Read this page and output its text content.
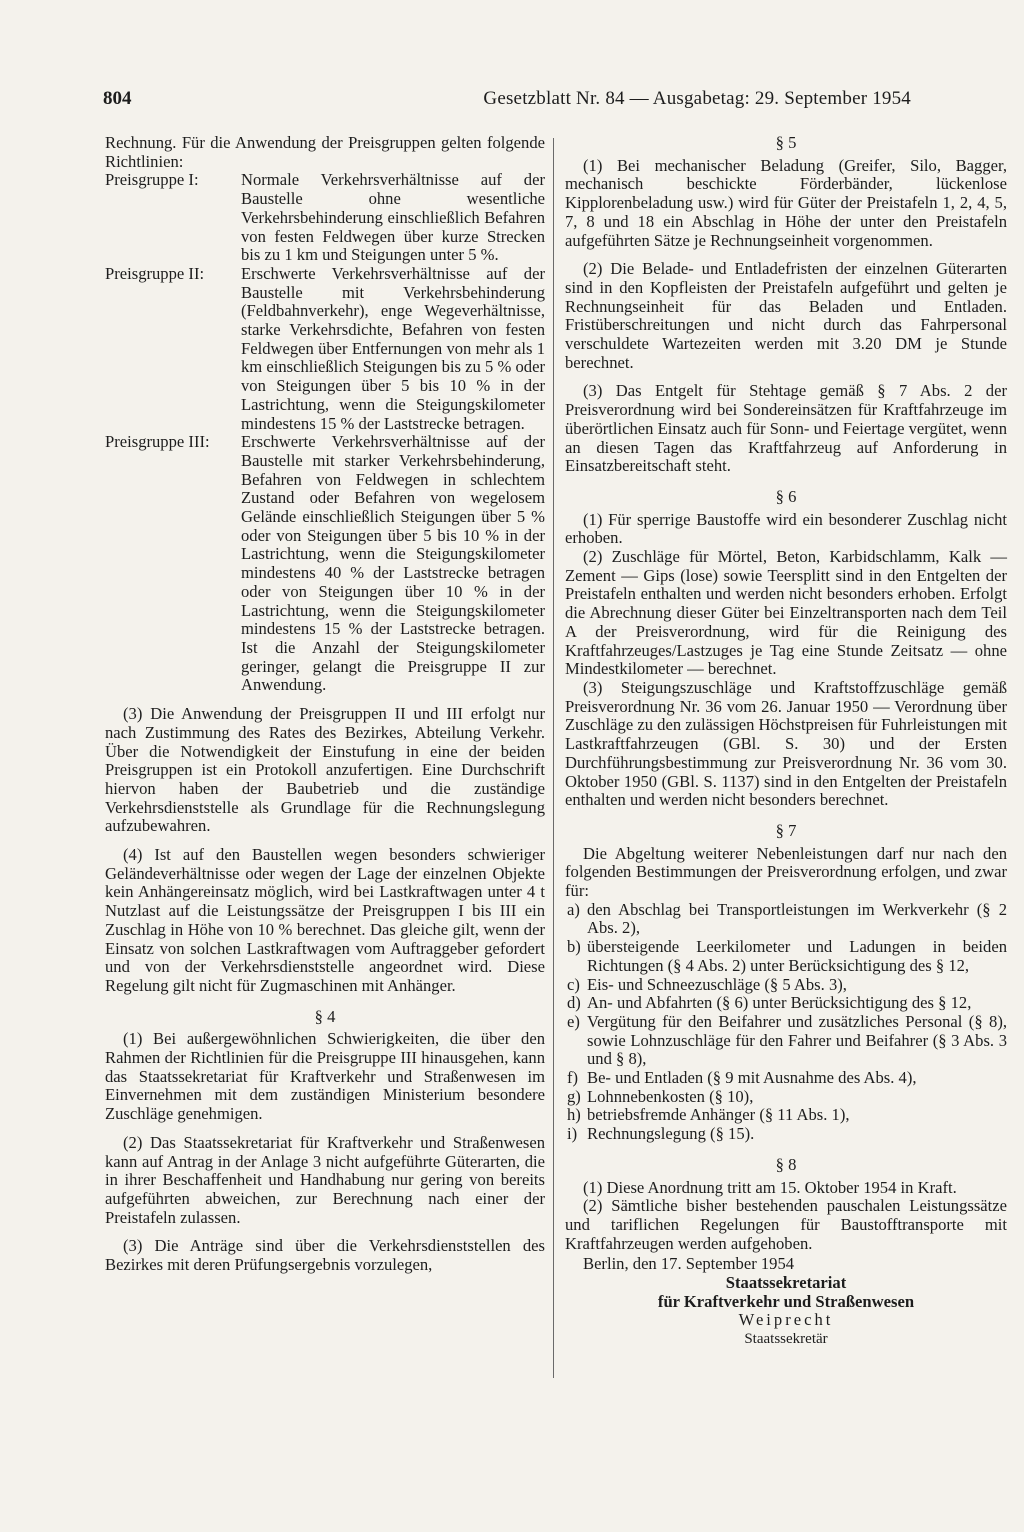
804	Gesetzblatt Nr. 84 — Ausgabetag: 29. September 1954

Rechnung. Für die Anwendung der Preisgruppen gelten folgende Richtlinien:

Preisgruppe I:	Normale Verkehrsverhältnisse auf der Baustelle ohne wesentliche Verkehrsbehinderung einschließlich Befahren von festen Feldwegen über kurze Strecken bis zu 1 km und Steigungen unter 5 %.
Preisgruppe II:	Erschwerte Verkehrsverhältnisse auf der Baustelle mit Verkehrsbehinderung (Feldbahnverkehr), enge Wegeverhältnisse, starke Verkehrsdichte, Befahren von festen Feldwegen über Entfernungen von mehr als 1 km einschließlich Steigungen bis zu 5 % oder von Steigungen über 5 bis 10 % in der Lastrichtung, wenn die Steigungskilometer mindestens 15 % der Laststrecke betragen.
Preisgruppe III:	Erschwerte Verkehrsverhältnisse auf der Baustelle mit starker Verkehrsbehinderung, Befahren von Feldwegen in schlechtem Zustand oder Befahren von wegelosem Gelände einschließlich Steigungen über 5 % oder von Steigungen über 5 bis 10 % in der Lastrichtung, wenn die Steigungskilometer mindestens 40 % der Laststrecke betragen oder von Steigungen über 10 % in der Lastrichtung, wenn die Steigungskilometer mindestens 15 % der Laststrecke betragen. Ist die Anzahl der Steigungskilometer geringer, gelangt die Preisgruppe II zur Anwendung.

(3) Die Anwendung der Preisgruppen II und III erfolgt nur nach Zustimmung des Rates des Bezirkes, Abteilung Verkehr. Über die Notwendigkeit der Einstufung in eine der beiden Preisgruppen ist ein Protokoll anzufertigen. Eine Durchschrift hiervon haben der Baubetrieb und die zuständige Verkehrsdienststelle als Grundlage für die Rechnungslegung aufzubewahren.

(4) Ist auf den Baustellen wegen besonders schwieriger Geländeverhältnisse oder wegen der Lage der einzelnen Objekte kein Anhängereinsatz möglich, wird bei Lastkraftwagen unter 4 t Nutzlast auf die Leistungssätze der Preisgruppen I bis III ein Zuschlag in Höhe von 10 % berechnet. Das gleiche gilt, wenn der Einsatz von solchen Lastkraftwagen vom Auftraggeber gefordert und von der Verkehrsdienststelle angeordnet wird. Diese Regelung gilt nicht für Zugmaschinen mit Anhänger.

§ 4

(1) Bei außergewöhnlichen Schwierigkeiten, die über den Rahmen der Richtlinien für die Preisgruppe III hinausgehen, kann das Staatssekretariat für Kraftverkehr und Straßenwesen im Einvernehmen mit dem zuständigen Ministerium besondere Zuschläge genehmigen.

(2) Das Staatssekretariat für Kraftverkehr und Straßenwesen kann auf Antrag in der Anlage 3 nicht aufgeführte Güterarten, die in ihrer Beschaffenheit und Handhabung nur gering von bereits aufgeführten abweichen, zur Berechnung nach einer der Preistafeln zulassen.

(3) Die Anträge sind über die Verkehrsdienststellen des Bezirkes mit deren Prüfungsergebnis vorzulegen,

§ 5

(1) Bei mechanischer Beladung (Greifer, Silo, Bagger, mechanisch beschickte Förderbänder, lückenlose Kipplorenbeladung usw.) wird für Güter der Preistafeln 1, 2, 4, 5, 7, 8 und 18 ein Abschlag in Höhe der unter den Preistafeln aufgeführten Sätze je Rechnungseinheit vorgenommen.

(2) Die Belade- und Entladefristen der einzelnen Güterarten sind in den Kopfleisten der Preistafeln aufgeführt und gelten je Rechnungseinheit für das Beladen und Entladen. Fristüberschreitungen und nicht durch das Fahrpersonal verschuldete Wartezeiten werden mit 3.20 DM je Stunde berechnet.

(3) Das Entgelt für Stehtage gemäß § 7 Abs. 2 der Preisverordnung wird bei Sondereinsätzen für Kraftfahrzeuge im überörtlichen Einsatz auch für Sonn- und Feiertage vergütet, wenn an diesen Tagen das Kraftfahrzeug auf Anforderung in Einsatzbereitschaft steht.

§ 6

(1) Für sperrige Baustoffe wird ein besonderer Zuschlag nicht erhoben.

(2) Zuschläge für Mörtel, Beton, Karbidschlamm, Kalk — Zement — Gips (lose) sowie Teersplitt sind in den Entgelten der Preistafeln enthalten und werden nicht besonders erhoben. Erfolgt die Abrechnung dieser Güter bei Einzeltransporten nach dem Teil A der Preisverordnung, wird für die Reinigung des Kraftfahrzeuges/Lastzuges je Tag eine Stunde Zeitsatz — ohne Mindestkilometer — berechnet.

(3) Steigungszuschläge und Kraftstoffzuschläge gemäß Preisverordnung Nr. 36 vom 26. Januar 1950 — Verordnung über Zuschläge zu den zulässigen Höchstpreisen für Fuhrleistungen mit Lastkraftfahrzeugen (GBl. S. 30) und der Ersten Durchführungsbestimmung zur Preisverordnung Nr. 36 vom 30. Oktober 1950 (GBl. S. 1137) sind in den Entgelten der Preistafeln enthalten und werden nicht besonders berechnet.

§ 7

Die Abgeltung weiterer Nebenleistungen darf nur nach den folgenden Bestimmungen der Preisverordnung erfolgen, und zwar für:

a) den Abschlag bei Transportleistungen im Werkverkehr (§ 2 Abs. 2),
b) übersteigende Leerkilometer und Ladungen in beiden Richtungen (§ 4 Abs. 2) unter Berücksichtigung des § 12,
c) Eis- und Schneezuschläge (§ 5 Abs. 3),
d) An- und Abfahrten (§ 6) unter Berücksichtigung des § 12,
e) Vergütung für den Beifahrer und zusätzliches Personal (§ 8), sowie Lohnzuschläge für den Fahrer und Beifahrer (§ 3 Abs. 3 und § 8),
f) Be- und Entladen (§ 9 mit Ausnahme des Abs. 4),
g) Lohnnebenkosten (§ 10),
h) betriebsfremde Anhänger (§ 11 Abs. 1),
i) Rechnungslegung (§ 15).
§ 8

(1) Diese Anordnung tritt am 15. Oktober 1954 in Kraft.

(2) Sämtliche bisher bestehenden pauschalen Leistungssätze und tariflichen Regelungen für Baustofftransporte mit Kraftfahrzeugen werden aufgehoben.

Berlin, den 17. September 1954

Staatssekretariat
für Kraftverkehr und Straßenwesen
Weiprecht
Staatssekretär
